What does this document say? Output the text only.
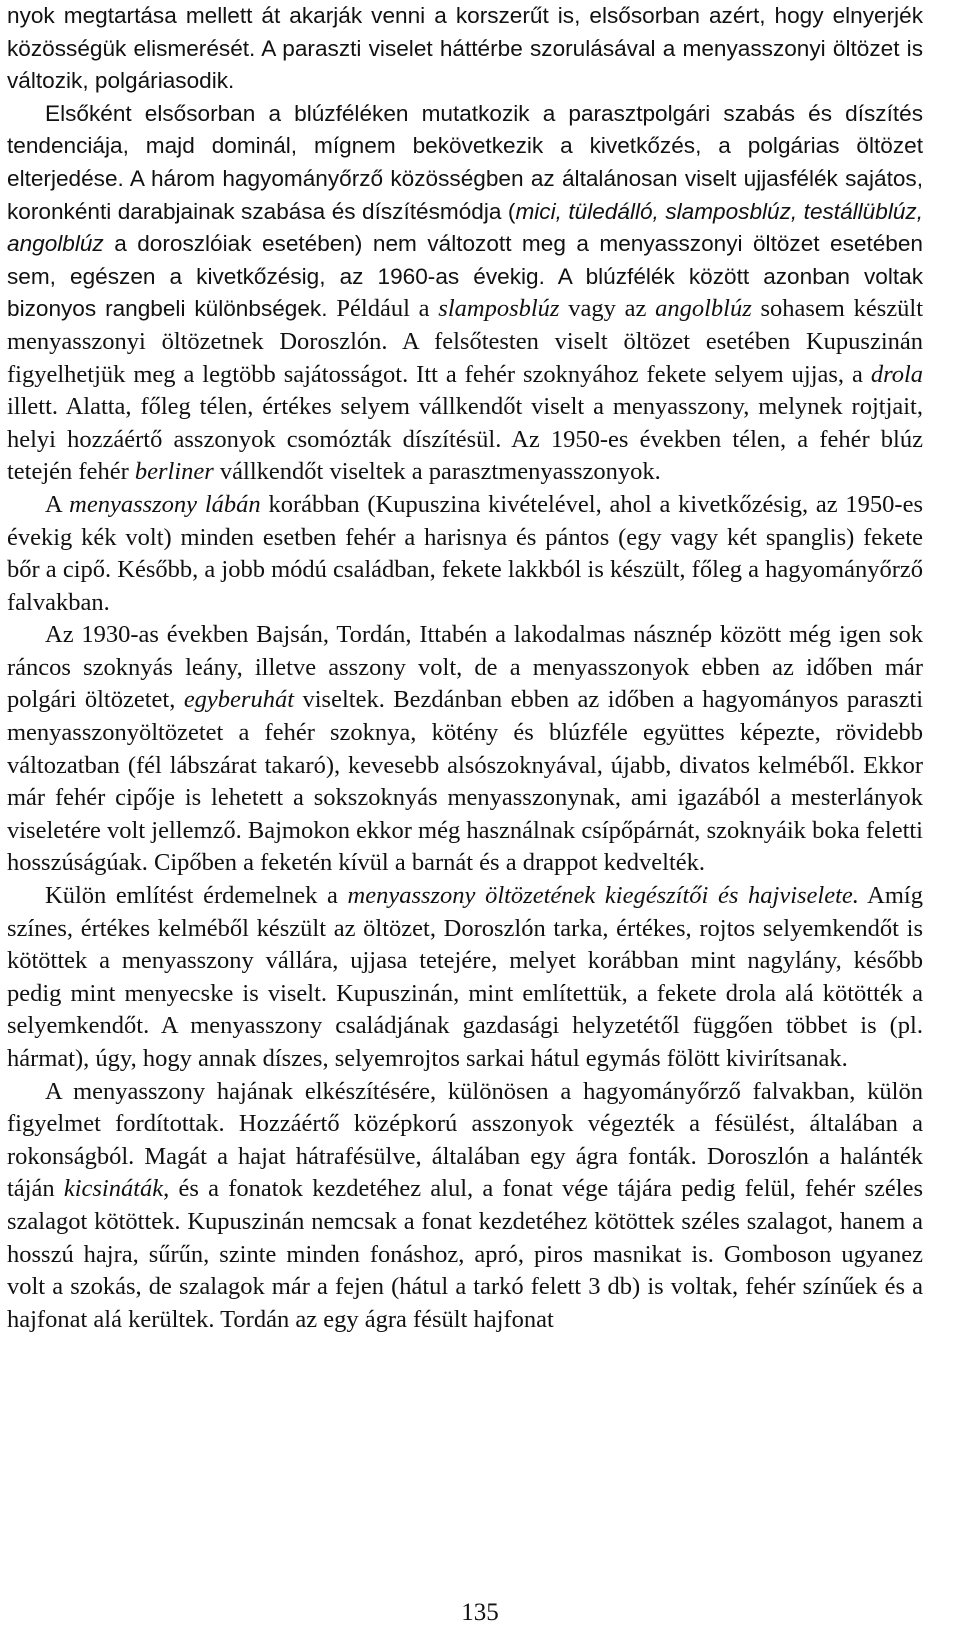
nyok megtartása mellett át akarják venni a korszerűt is, elsősorban azért, hogy elnyerjék közösségük elismerését. A paraszti viselet háttérbe szorulásával a menyasszonyi öltözet is változik, polgáriasodik.

Elsőként elsősorban a blúzféléken mutatkozik a parasztpolgári szabás és díszítés tendenciája, majd dominál, mígnem bekövetkezik a kivetkőzés, a polgárias öltözet elterjedése. A három hagyományőrző közösségben az általánosan viselt ujjasfélék sajátos, koronkénti darabjainak szabása és díszítésmódja (mici, tüledálló, slamposblúz, testállüblúz, angolblúz a doroszlóiak esetében) nem változott meg a menyasszonyi öltözet esetében sem, egészen a kivetkőzésig, az 1960-as évekig. A blúzfélék között azonban voltak bizonyos rangbeli különbségek. Például a slamposblúz vagy az angolblúz sohasem készült menyasszonyi öltözetnek Doroszlón. A felsőtesten viselt öltözet esetében Kupuszinán figyelhetjük meg a legtöbb sajátosságot. Itt a fehér szoknyához fekete selyem ujjas, a drola illett. Alatta, főleg télen, értékes selyem vállkendőt viselt a menyasszony, melynek rojtjait, helyi hozzáértő asszonyok csomózták díszítésül. Az 1950-es években télen, a fehér blúz tetején fehér berliner vállkendőt viseltek a parasztmenyasszonyok.

A menyasszony lábán korábban (Kupuszina kivételével, ahol a kivetkőzésig, az 1950-es évekig kék volt) minden esetben fehér a harisnya és pántos (egy vagy két spanglis) fekete bőr a cipő. Később, a jobb módú családban, fekete lakkból is készült, főleg a hagyományőrző falvakban.

Az 1930-as években Bajsán, Tordán, Ittabén a lakodalmas násznép között még igen sok ráncos szoknyás leány, illetve asszony volt, de a menyasszonyok ebben az időben már polgári öltözetet, egyberuhát viseltek. Bezdánban ebben az időben a hagyományos paraszti menyasszonyöltözetet a fehér szoknya, kötény és blúzféle együttes képezte, rövidebb változatban (fél lábszárat takaró), kevesebb alsószoknyával, újabb, divatos kelméből. Ekkor már fehér cipője is lehetett a sokszoknyás menyasszonynak, ami igazából a mesterlányok viseletére volt jellemző. Bajmokon ekkor még használnak csípőpárnát, szoknyáik boka feletti hosszúságúak. Cipőben a feketén kívül a barnát és a drappot kedvelték.

Külön említést érdemelnek a menyasszony öltözetének kiegészítői és hajviselete. Amíg színes, értékes kelméből készült az öltözet, Doroszlón tarka, értékes, rojtos selyemkendőt is kötöttek a menyasszony vállára, ujjasa tetejére, melyet korábban mint nagylány, később pedig mint menyecske is viselt. Kupuszinán, mint említettük, a fekete drola alá kötötték a selyemkendőt. A menyasszony családjának gazdasági helyzetétől függően többet is (pl. hármat), úgy, hogy annak díszes, selyemrojtos sarkai hátul egymás fölött kivirítsanak.

A menyasszony hajának elkészítésére, különösen a hagyományőrző falvakban, külön figyelmet fordítottak. Hozzáértő középkorú asszonyok végezték a fésülést, általában a rokonságból. Magát a hajat hátrafésülve, általában egy ágra fonták. Doroszlón a halánték táján kicsináták, és a fonatok kezdetéhez alul, a fonat vége tájára pedig felül, fehér széles szalagot kötöttek. Kupuszinán nemcsak a fonat kezdetéhez kötöttek széles szalagot, hanem a hosszú hajra, sűrűn, szinte minden fonáshoz, apró, piros masnikat is. Gomboson ugyanez volt a szokás, de szalagok már a fejen (hátul a tarkó felett 3 db) is voltak, fehér színűek és a hajfonat alá kerültek. Tordán az egy ágra fésült hajfonat

135
